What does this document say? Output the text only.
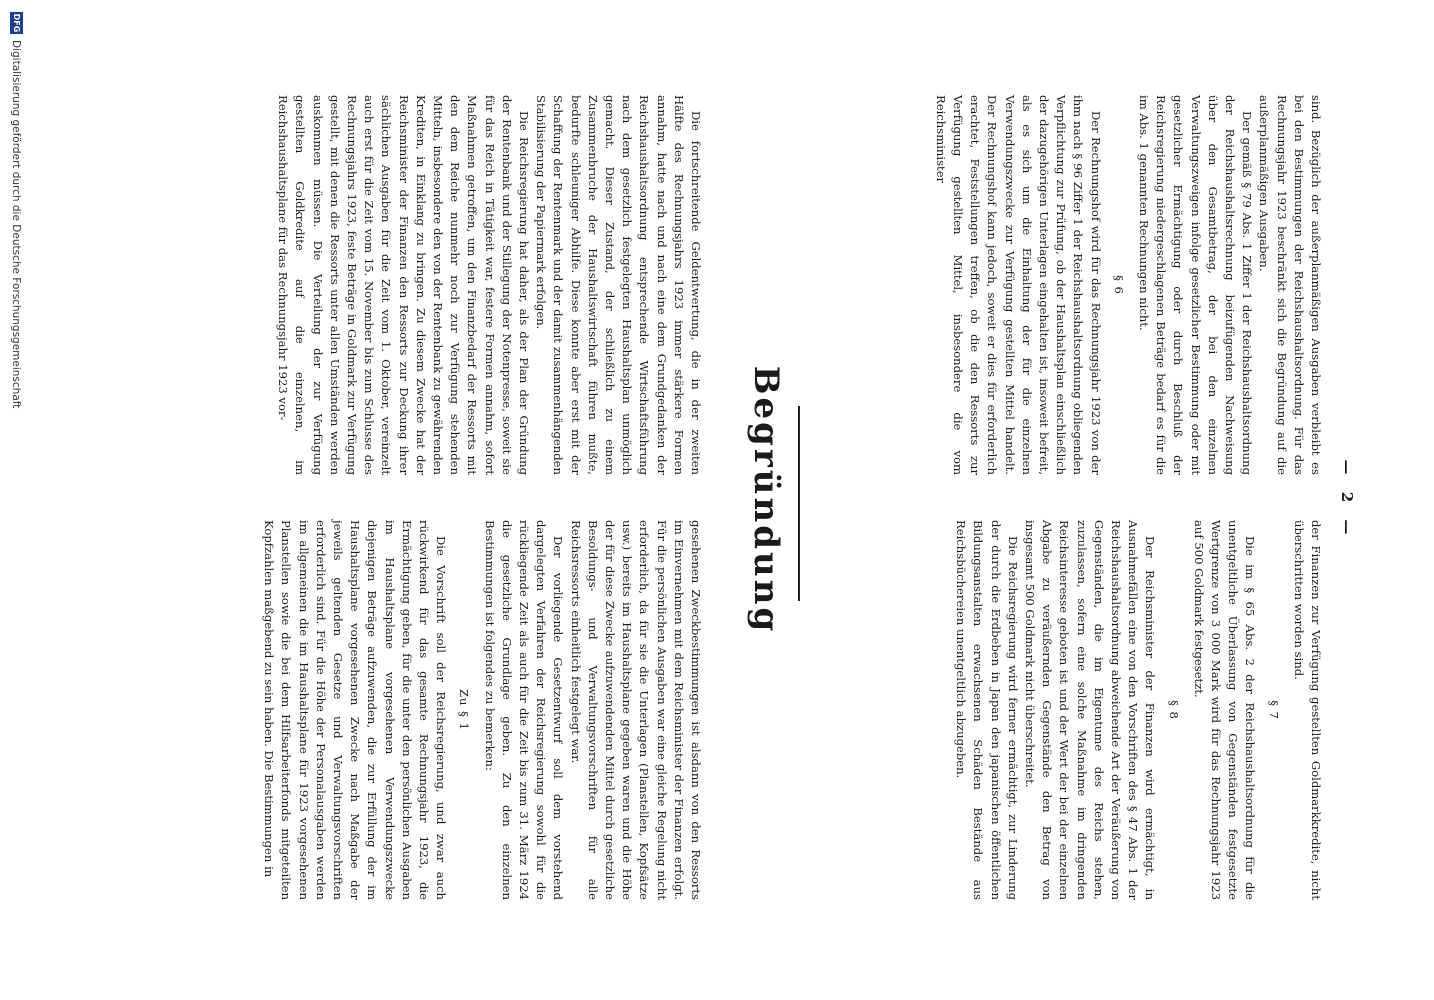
— 2 —

sind. Bezüglich der außerplanmäßigen Ausgaben verbleibt es bei den Bestimmungen der Reichshaushaltsordnung. Für das Rechnungsjahr 1923 beschränkt sich die Begründung auf die außerplanmäßigen Ausgaben.

Der gemäß § 79 Abs. 1 Ziffer 1 der Reichshaushaltsordnung der Reichshaushaltsrechnung beizufügenden Nachweisung über den Gesamtbetrag, der bei den einzelnen Verwaltungszweigen infolge gesetzlicher Bestimmung oder mit gesetzlicher Ermächtigung oder durch Beschluß der Reichsregierung niedergeschlagenen Beträge bedarf es für die im Abs. 1 genannten Rechnungen nicht.

§ 6

Der Rechnungshof wird für das Rechnungsjahr 1923 von der ihm nach § 96 Ziffer 1 der Reichshaushaltsordnung obliegenden Verpflichtung zur Prüfung, ob der Haushaltsplan einschließlich der dazugehörigen Unterlagen eingehalten ist, insoweit befreit, als es sich um die Einhaltung der für die einzelnen Verwendungszwecke zur Verfügung gestellten Mittel handelt. Der Rechnungshof kann jedoch, soweit er dies für erforderlich erachtet, Feststellungen treffen, ob die den Ressorts zur Verfügung gestellten Mittel, insbesondere die vom Reichsminister

der Finanzen zur Verfügung gestellten Goldmarkkredite, nicht überschritten worden sind.

§ 7

Die im § 65 Abs. 2 der Reichshaushaltsordnung für die unentgeltliche Überlassung von Gegenständen festgesetzte Wertgrenze von 3 000 Mark wird für das Rechnungsjahr 1923 auf 500 Goldmark festgesetzt.

§ 8

Der Reichsminister der Finanzen wird ermächtigt, in Ausnahmefällen eine von den Vorschriften des § 47 Abs. 1 der Reichshaushaltsordnung abweichende Art der Veräußerung von Gegenständen, die im Eigentume des Reichs stehen, zuzulassen, sofern eine solche Maßnahme im dringenden Reichsinteresse geboten ist und der Wert der bei der einzelnen Abgabe zu veräußernden Gegenstände den Betrag von insgesamt 500 Goldmark nicht überschreitet.

Die Reichsregierung wird ferner ermächtigt, zur Linderung der durch die Erdbeben in Japan den japanischen öffentlichen Bildungsanstalten erwachsenen Schäden Bestände aus Reichsbüchereien unentgeltlich abzugeben.

Begründung

Die fortschreitende Geldentwertung, die in der zweiten Hälfte des Rechnungsjahrs 1923 immer stärkere Formen annahm, hatte nach und nach eine dem Grundgedanken der Reichshaushaltsordnung entsprechende Wirtschaftsführung nach dem gesetzlich festgelegten Haushaltsplan unmöglich gemacht. Dieser Zustand, der schließlich zu einem Zusammenbruche der Haushaltswirtschaft führen mußte, bedurfte schleuniger Abhilfe. Diese konnte aber erst mit der Schaffung der Rentenmark und der damit zusammenhängenden Stabilisierung der Papiermark erfolgen.

Die Reichsregierung hat daher, als der Plan der Gründung der Rentenbank und der Stillegung der Notenpresse, soweit sie für das Reich in Tätigkeit war, festere Formen annahm, sofort Maßnahmen getroffen, um den Finanzbedarf der Ressorts mit den dem Reiche nunmehr noch zur Verfügung stehenden Mitteln, insbesondere den von der Rentenbank zu gewährenden Krediten, in Einklang zu bringen. Zu diesem Zwecke hat der Reichsminister der Finanzen den Ressorts zur Deckung ihrer sächlichen Ausgaben für die Zeit vom 1. Oktober, vereinzelt auch erst für die Zeit vom 15. November bis zum Schlusse des Rechnungsjahrs 1923, feste Beträge in Goldmark zur Verfügung gestellt, mit denen die Ressorts unter allen Umständen werden auskommen müssen. Die Verteilung der zur Verfügung gestellten Goldkredite auf die einzelnen, im Reichshaushaltsplane für das Rechnungsjahr 1923 vor-

gesehenen Zweckbestimmungen ist alsdann von den Ressorts im Einvernehmen mit dem Reichsminister der Finanzen erfolgt. Für die persönlichen Ausgaben war eine gleiche Regelung nicht erforderlich, da für sie die Unterlagen (Planstellen, Kopfsätze usw.) bereits im Haushaltsplane gegeben waren und die Höhe der für diese Zwecke aufzuwendenden Mittel durch gesetzliche Besoldungs- und Verwaltungsvorschriften für alle Reichsressorts einheitlich festgelegt war.

Der vorliegende Gesetzentwurf soll dem vorstehend dargelegten Verfahren der Reichsregierung sowohl für die rückliegende Zeit als auch für die Zeit bis zum 31. März 1924 die gesetzliche Grundlage geben. Zu den einzelnen Bestimmungen ist folgendes zu bemerken:

Zu § 1

Die Vorschrift soll der Reichsregierung, und zwar auch rückwirkend für das gesamte Rechnungsjahr 1923, die Ermächtigung geben, für die unter den persönlichen Ausgaben im Haushaltsplane vorgesehenen Verwendungszwecke diejenigen Beträge aufzuwenden, die zur Erfüllung der im Haushaltsplane vorgesehenen Zwecke nach Maßgabe der jeweils geltenden Gesetze und Verwaltungsvorschriften erforderlich sind. Für die Höhe der Personalausgaben werden im allgemeinen die im Haushaltsplane für 1923 vorgesehenen Planstellen sowie die bei dem Hilfsarbeiterfonds mitgeteilten Kopfzahlen maßgebend zu sein haben. Die Bestimmungen in

DFG
Digitalisierung gefördert durch die Deutsche Forschungsgemeinschaft
